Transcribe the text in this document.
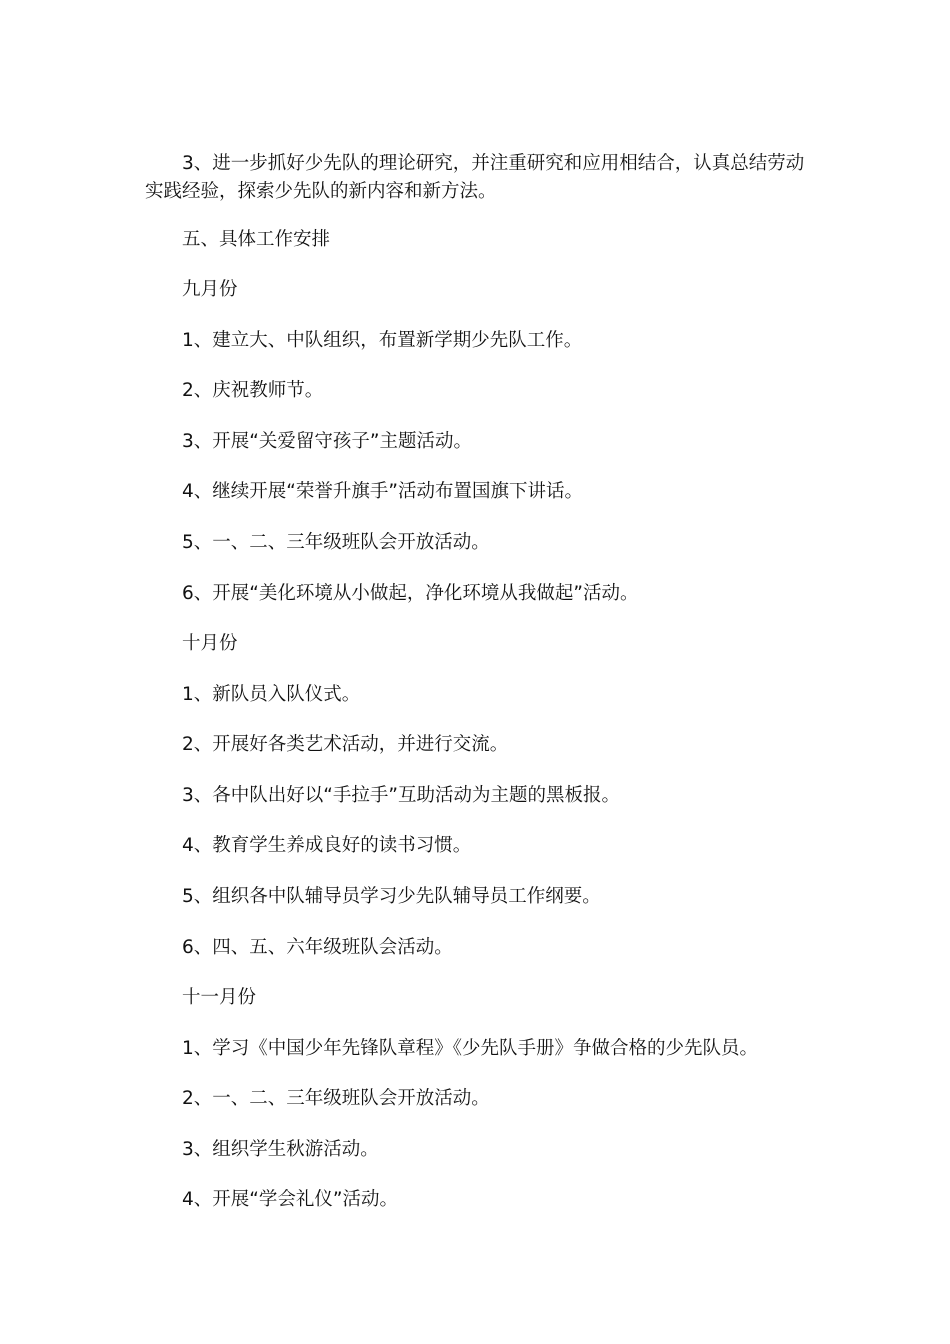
3、进一步抓好少先队的理论研究，并注重研究和应用相结合，认真总结劳动实践经验，探索少先队的新内容和新方法。

五、具体工作安排

九月份

1、建立大、中队组织，布置新学期少先队工作。

2、庆祝教师节。

3、开展“关爱留守孩子”主题活动。

4、继续开展“荣誉升旗手”活动布置国旗下讲话。

5、一、二、三年级班队会开放活动。

6、开展“美化环境从小做起，净化环境从我做起”活动。

十月份

1、新队员入队仪式。

2、开展好各类艺术活动，并进行交流。

3、各中队出好以“手拉手”互助活动为主题的黑板报。

4、教育学生养成良好的读书习惯。

5、组织各中队辅导员学习少先队辅导员工作纲要。

6、四、五、六年级班队会活动。

十一月份

1、学习《中国少年先锋队章程》《少先队手册》争做合格的少先队员。

2、一、二、三年级班队会开放活动。

3、组织学生秋游活动。

4、开展“学会礼仪”活动。
